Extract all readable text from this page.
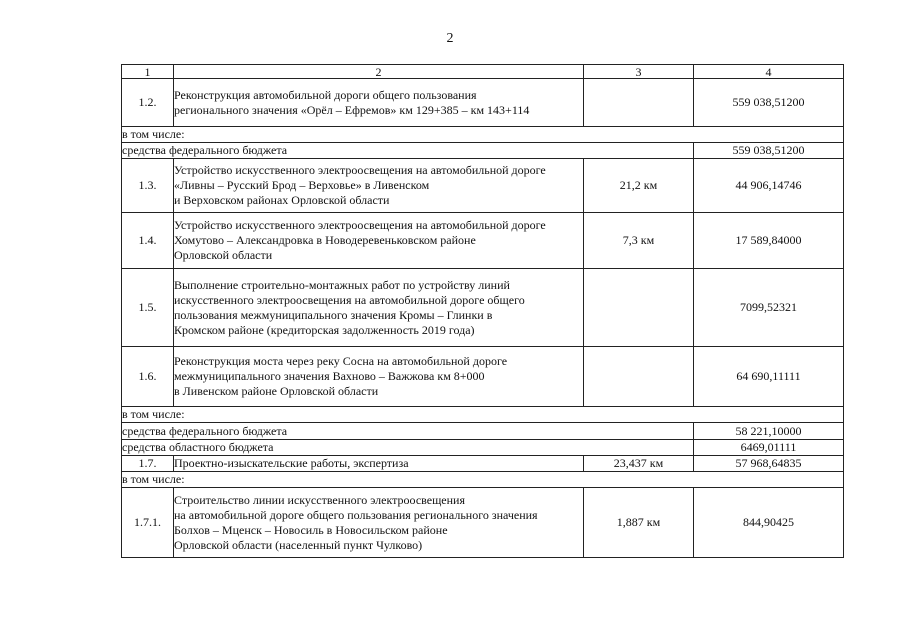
2
1	2	3	4
1.2.	Реконструкция автомобильной дороги общего пользования
регионального значения «Орёл – Ефремов» км 129+385 – км 143+114		559 038,51200
в том числе:			
средства федерального бюджета			559 038,51200
1.3.	Устройство искусственного электроосвещения на автомобильной дороге
«Ливны – Русский Брод – Верховье» в Ливенском
и Верховском районах Орловской области	21,2 км	44 906,14746
1.4.	Устройство искусственного электроосвещения на автомобильной дороге
Хомутово – Александровка в Новодеревеньковском районе
Орловской области	7,3 км	17 589,84000
1.5.	Выполнение строительно-монтажных работ по устройству линий
искусственного электроосвещения на автомобильной дороге общего
пользования межмуниципального значения Кромы – Глинки в
Кромском районе (кредиторская задолженность 2019 года)		7099,52321
1.6.	Реконструкция моста через реку Сосна на автомобильной дороге
межмуниципального значения Вахново – Важжова км 8+000
в Ливенском районе Орловской области		64 690,11111
в том числе:			
средства федерального бюджета			58 221,10000
средства областного бюджета			6469,01111
1.7.	Проектно-изыскательские работы, экспертиза	23,437 км	57 968,64835
в том числе:			
1.7.1.	Строительство линии искусственного электроосвещения
на автомобильной дороге общего пользования регионального значения
Болхов – Мценск – Новосиль в Новосильском районе
Орловской области (населенный пункт Чулково)	1,887 км	844,90425
